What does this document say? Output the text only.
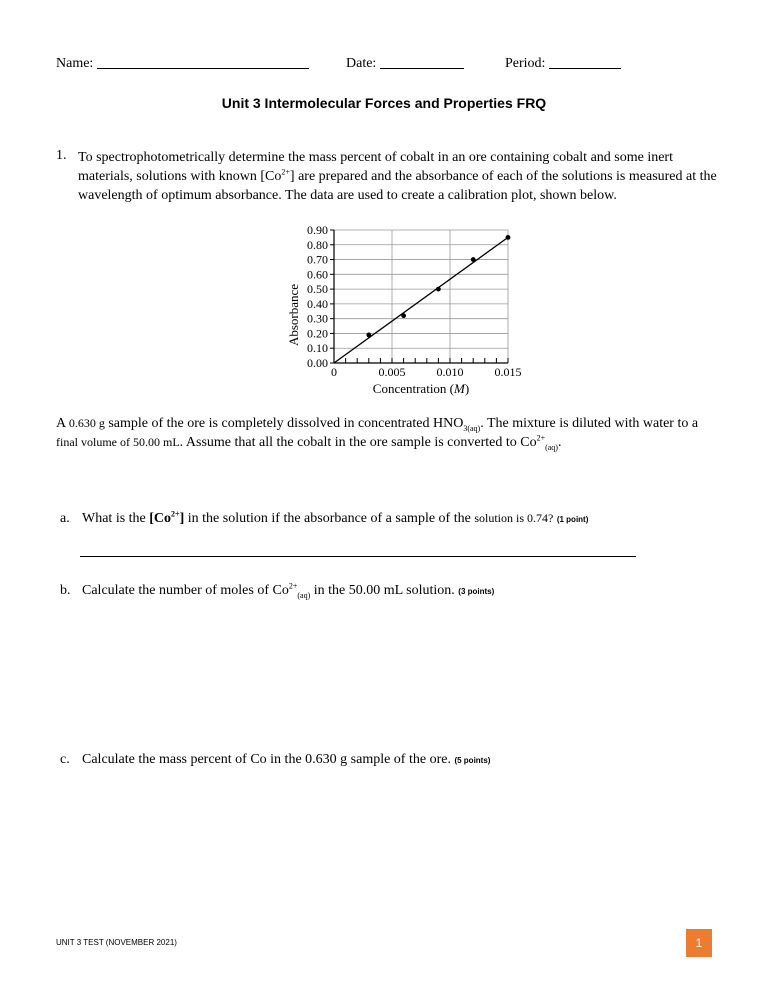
Name:	Date:	Period:
Unit 3 Intermolecular Forces and Properties FRQ
1. To spectrophotometrically determine the mass percent of cobalt in an ore containing cobalt and some inert materials, solutions with known $[Co^{2+}]$ are prepared and the absorbance of each of the solutions is measured at the wavelength of optimum absorbance. The data are used to create a calibration plot, shown below.
0.00
0.10
0.20
0.30
0.40
0.50
0.60
0.70
0.80
0.90
0	0.005	0.010	0.015
Absorbance
Concentration (M)
A 0.630 g sample of the ore is completely dissolved in concentrated $HNO_{3(aq)}$. The mixture is diluted with water to a
final volume of 50.00 mL. Assume that all the cobalt in the ore sample is converted to $Co^{2+}_{(aq)}$.
a. What is the $[Co^{2+}]$ in the solution if the absorbance of a sample of the solution is 0.74? (1 point)
b. Calculate the number of moles of $Co^{2+}_{(aq)}$ in the 50.00 mL solution. (3 points)
c. Calculate the mass percent of Co in the 0.630 g sample of the ore. (5 points)
UNIT 3 TEST (NOVEMBER 2021)	1
